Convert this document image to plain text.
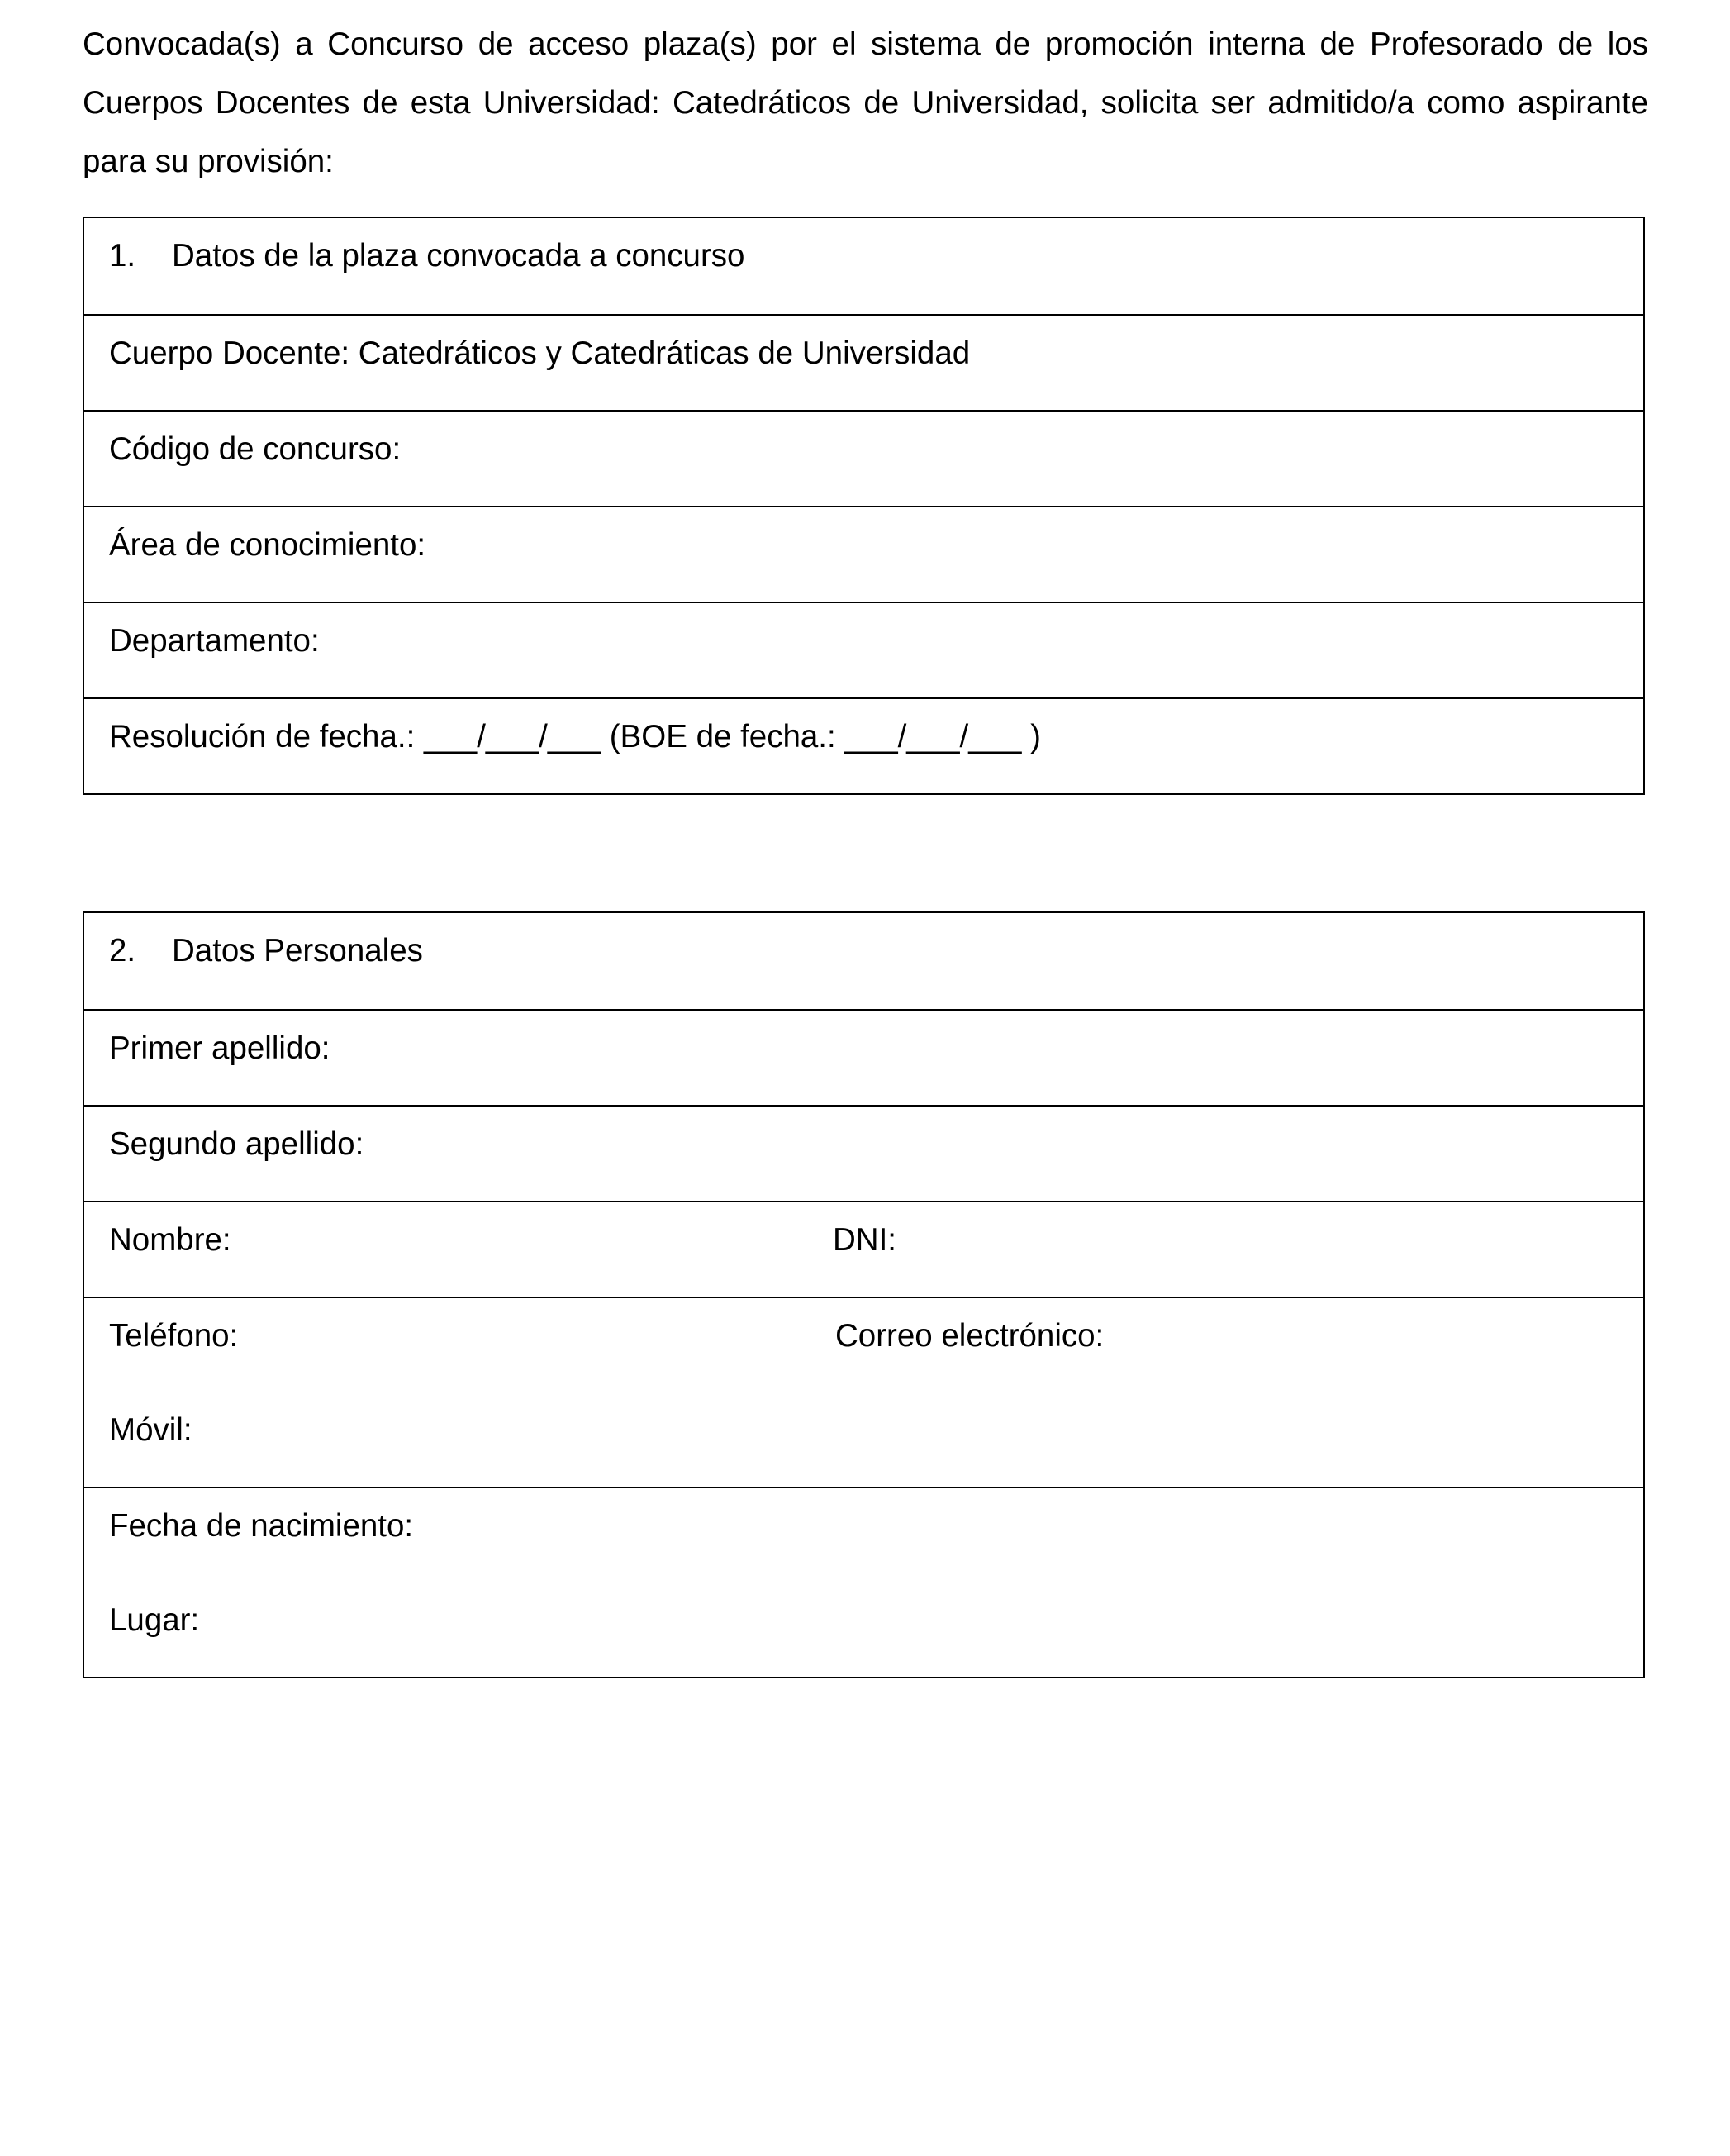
Convocada(s) a Concurso de acceso plaza(s) por el sistema de promoción interna de Profesorado de los Cuerpos Docentes de esta Universidad: Catedráticos de Universidad, solicita ser admitido/a como aspirante para su provisión:

1. Datos de la plaza convocada a concurso
Cuerpo Docente: Catedráticos y Catedráticas de Universidad
Código de concurso:
Área de conocimiento:
Departamento:
Resolución de fecha.: ___/___/___ (BOE de fecha.: ___/___/___ )
2. Datos Personales
Primer apellido:
Segundo apellido:
Nombre:	DNI:
Teléfono:	Correo electrónico:
Móvil:
Fecha de nacimiento:
Lugar:
